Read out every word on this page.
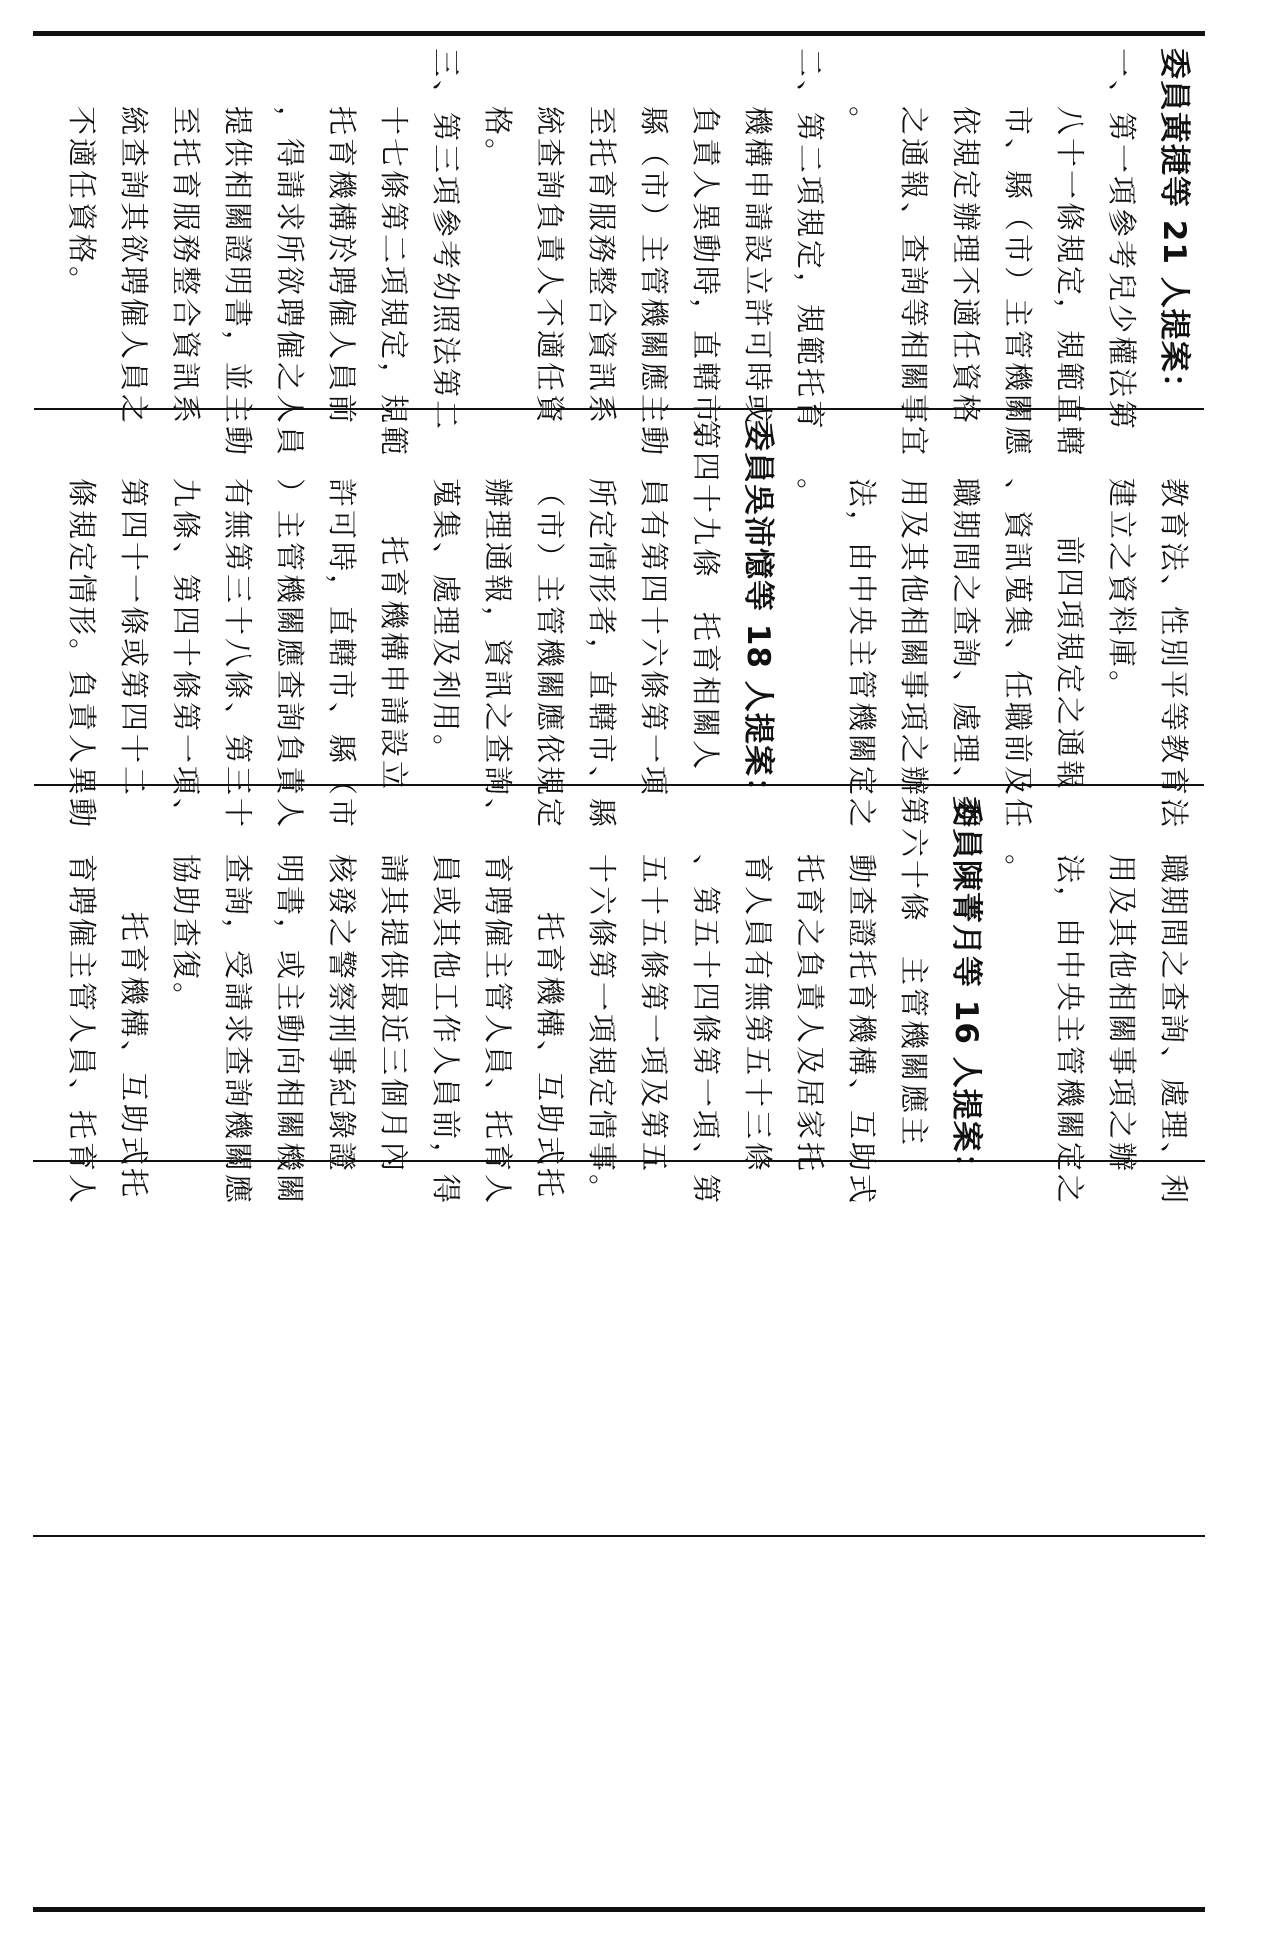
委員黃捷等 21 人提案：
一、第一項參考兒少權法第
八十一條規定，規範直轄
市、縣（市）主管機關應
依規定辦理不適任資格
之通報、查詢等相關事宜
。
二、第二項規定，規範托育
機構申請設立許可時或
負責人異動時，直轄市、
縣（市）主管機關應主動
至托育服務整合資訊系
統查詢負責人不適任資
格。
三、第三項參考幼照法第二
十七條第二項規定，規範
托育機構於聘僱人員前
，得請求所欲聘僱之人員
提供相關證明書，並主動
至托育服務整合資訊系
統查詢其欲聘僱人員之
不適任資格。
教育法、性別平等教育法
建立之資料庫。
前四項規定之通報
、資訊蒐集、任職前及任
職期間之查詢、處理、利
用及其他相關事項之辦
法，由中央主管機關定之
。
委員吳沛憶等 18 人提案：
第四十九條　托育相關人
員有第四十六條第一項
所定情形者，直轄市、縣
（市）主管機關應依規定
辦理通報，資訊之查詢、
蒐集、處理及利用。
托育機構申請設立
許可時，直轄市、縣（市
）主管機關應查詢負責人
有無第三十八條、第三十
九條、第四十條第一項、
第四十一條或第四十二
條規定情形。負責人異動
職期間之查詢、處理、利
用及其他相關事項之辦
法，由中央主管機關定之
。
委員陳菁月等 16 人提案：
第六十條　主管機關應主
動查證托育機構、互助式
托育之負責人及居家托
育人員有無第五十三條
、第五十四條第一項、第
五十五條第一項及第五
十六條第一項規定情事。
托育機構、互助式托
育聘僱主管人員、托育人
員或其他工作人員前，得
請其提供最近三個月內
核發之警察刑事紀錄證
明書，或主動向相關機關
查詢，受請求查詢機關應
協助查復。
托育機構、互助式托
育聘僱主管人員、托育人
